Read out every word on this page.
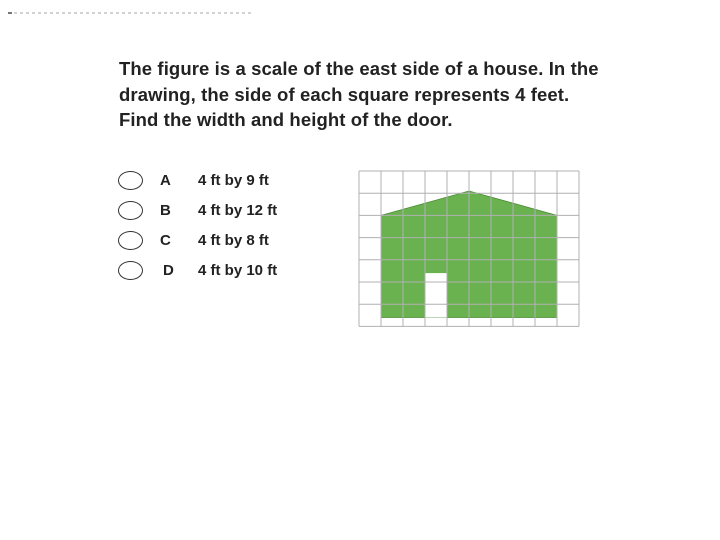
The figure is a scale of the east side of a house. In the
drawing, the side of each square represents 4 feet.
Find the width and height of the door.
A 4 ft by 9 ft
B 4 ft by 12 ft
C 4 ft by 8 ft
D 4 ft by 10 ft
